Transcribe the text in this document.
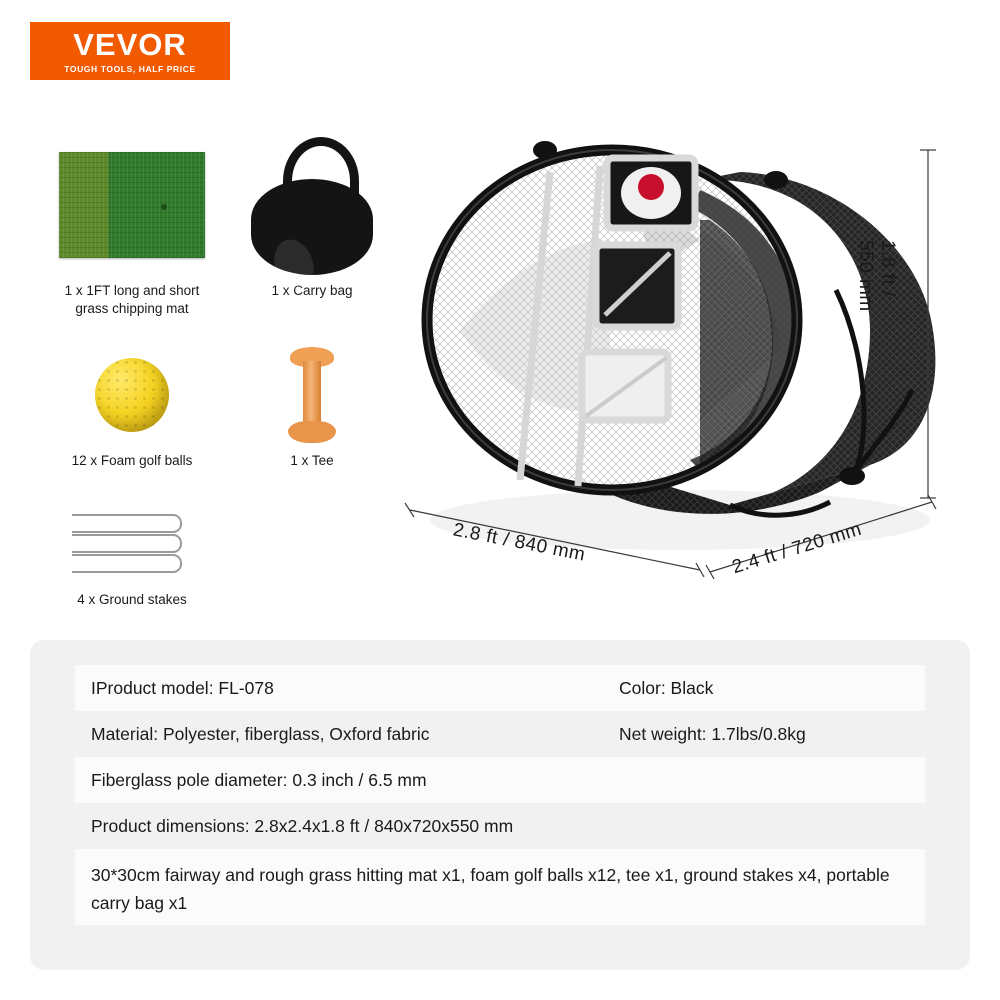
VEVOR
TOUGH TOOLS, HALF PRICE
1 x 1FT long and short grass chipping mat
1 x Carry bag
12 x Foam golf balls	1 x Tee
4 x Ground stakes
1.8 ft / 550 mm
2.8 ft / 840 mm	2.4 ft / 720 mm
IProduct model: FL-078	Color: Black
Material: Polyester, fiberglass, Oxford fabric	Net weight: 1.7lbs/0.8kg
Fiberglass pole diameter: 0.3 inch / 6.5 mm
Product dimensions: 2.8x2.4x1.8 ft / 840x720x550 mm
30*30cm fairway and rough grass hitting mat x1, foam golf balls x12, tee x1, ground stakes x4, portable carry bag x1
